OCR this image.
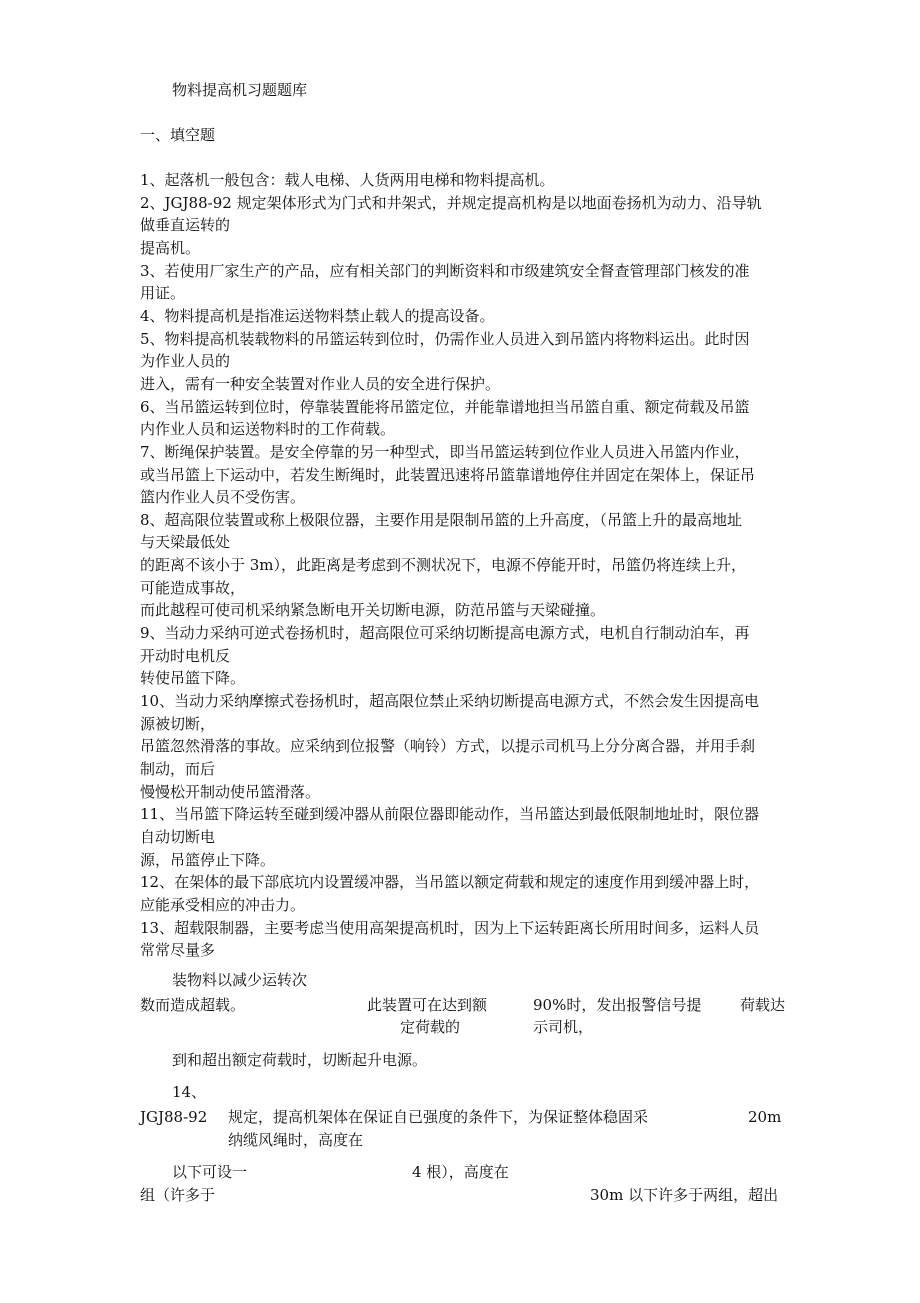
物料提高机习题题库
一、填空题
1、起落机一般包含：载人电梯、人货两用电梯和物料提高机。
2、JGJ88-92 规定架体形式为门式和井架式，并规定提高机构是以地面卷扬机为动力、沿导轨
做垂直运转的
提高机。
3、若使用厂家生产的产品，应有相关部门的判断资料和市级建筑安全督查管理部门核发的准
用证。
4、物料提高机是指准运送物料禁止载人的提高设备。
5、物料提高机装载物料的吊篮运转到位时，仍需作业人员进入到吊篮内将物料运出。此时因
为作业人员的
进入，需有一种安全装置对作业人员的安全进行保护。
6、当吊篮运转到位时，停靠装置能将吊篮定位，并能靠谱地担当吊篮自重、额定荷载及吊篮
内作业人员和运送物料时的工作荷载。
7、断绳保护装置。是安全停靠的另一种型式，即当吊篮运转到位作业人员进入吊篮内作业，
或当吊篮上下运动中，若发生断绳时，此装置迅速将吊篮靠谱地停住并固定在架体上，保证吊
篮内作业人员不受伤害。
8、超高限位装置或称上极限位器，主要作用是限制吊篮的上升高度，（吊篮上升的最高地址
与天梁最低处
的距离不该小于 3m），此距离是考虑到不测状况下，电源不停能开时，吊篮仍将连续上升，
可能造成事故，
而此越程可使司机采纳紧急断电开关切断电源，防范吊篮与天梁碰撞。
9、当动力采纳可逆式卷扬机时，超高限位可采纳切断提高电源方式，电机自行制动泊车，再
开动时电机反
转使吊篮下降。
10、当动力采纳摩擦式卷扬机时，超高限位禁止采纳切断提高电源方式，不然会发生因提高电
源被切断，
吊篮忽然滑落的事故。应采纳到位报警（响铃）方式，以提示司机马上分分离合器，并用手刹
制动，而后
慢慢松开制动使吊篮滑落。
11、当吊篮下降运转至碰到缓冲器从前限位器即能动作，当吊篮达到最低限制地址时，限位器
自动切断电
源，吊篮停止下降。
12、在架体的最下部底坑内设置缓冲器，当吊篮以额定荷载和规定的速度作用到缓冲器上时，
应能承受相应的冲击力。
13、超载限制器，主要考虑当使用高架提高机时，因为上下运转距离长所用时间多，运料人员
常常尽量多
装物料以减少运转次
数而造成超载。	此装置可在达到额
定荷载的
90%时，发出报警信号提
示司机，
荷载达
到和超出额定荷载时，切断起升电源。
14、
JGJ88-92 规定，提高机架体在保证自已强度的条件下，为保证整体稳固采
纳缆风绳时，高度在
20m
以下可设一
组（许多于
4 根），高度在
30m 以下许多于两组，超出
